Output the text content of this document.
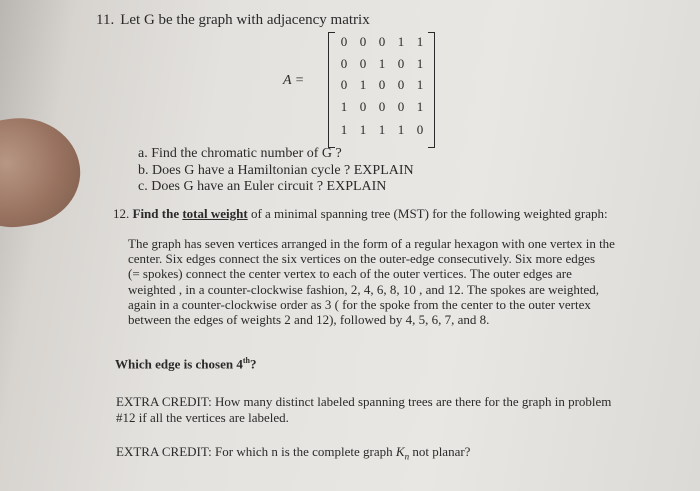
11. Let G be the graph with adjacency matrix
A =
0 0 0 1 1
0 0 1 0 1
0 1 0 0 1
1 0 0 0 1
1 1 1 1 0
a. Find the chromatic number of G ?
b. Does G have a Hamiltonian cycle ? EXPLAIN
c. Does G have an Euler circuit ? EXPLAIN
12. Find the total weight of a minimal spanning tree (MST) for the following weighted graph:
The graph has seven vertices arranged in the form of a regular hexagon with one vertex in the
center. Six edges connect the six vertices on the outer-edge consecutively. Six more edges
(= spokes) connect the center vertex to each of the outer vertices. The outer edges are
weighted , in a counter-clockwise fashion, 2, 4, 6, 8, 10 , and 12. The spokes are weighted,
again in a counter-clockwise order as 3 ( for the spoke from the center to the outer vertex
between the edges of weights 2 and 12), followed by 4, 5, 6, 7, and 8.
Which edge is chosen 4th?
EXTRA CREDIT: How many distinct labeled spanning trees are there for the graph in problem
#12 if all the vertices are labeled.
EXTRA CREDIT: For which n is the complete graph $K_n$ not planar?
